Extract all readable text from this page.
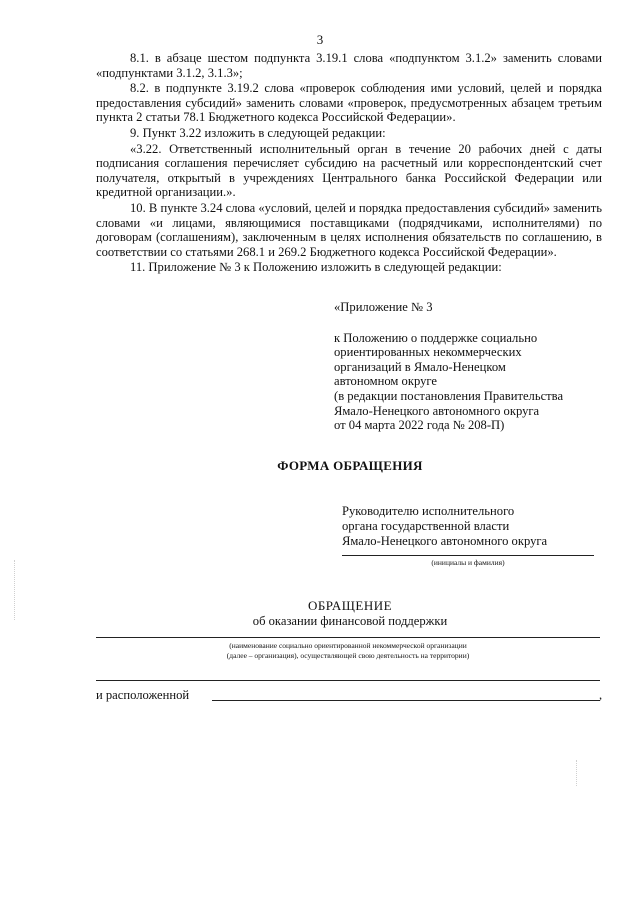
3

8.1. в абзаце шестом подпункта 3.19.1 слова «подпунктом 3.1.2» заменить словами «подпунктами 3.1.2, 3.1.3»;

8.2. в подпункте 3.19.2 слова «проверок соблюдения ими условий, целей и порядка предоставления субсидий» заменить словами «проверок, предусмотренных абзацем третьим пункта 2 статьи 78.1 Бюджетного кодекса Российской Федерации».

9. Пункт 3.22 изложить в следующей редакции:

«3.22. Ответственный исполнительный орган в течение 20 рабочих дней с даты подписания соглашения перечисляет субсидию на расчетный или корреспондентский счет получателя, открытый в учреждениях Центрального банка Российской Федерации или кредитной организации.».

10. В пункте 3.24 слова «условий, целей и порядка предоставления субсидий» заменить словами «и лицами, являющимися поставщиками (подрядчиками, исполнителями) по договорам (соглашениям), заключенным в целях исполнения обязательств по соглашению, в соответствии со статьями 268.1 и 269.2 Бюджетного кодекса Российской Федерации».

11. Приложение № 3 к Положению изложить в следующей редакции:

«Приложение № 3
к Положению о поддержке социально
ориентированных некоммерческих
организаций в Ямало-Ненецком
автономном округе
(в редакции постановления Правительства
Ямало-Ненецкого автономного округа
от 04 марта 2022 года № 208-П)
ФОРМА ОБРАЩЕНИЯ
Руководителю исполнительного
органа государственной власти
Ямало-Ненецкого автономного округа
(инициалы и фамилия)
ОБРАЩЕНИЕ
об оказании финансовой поддержки
(наименование социально ориентированной некоммерческой организации
(далее – организация), осуществляющей свою деятельность на территории)
и расположенной	,
